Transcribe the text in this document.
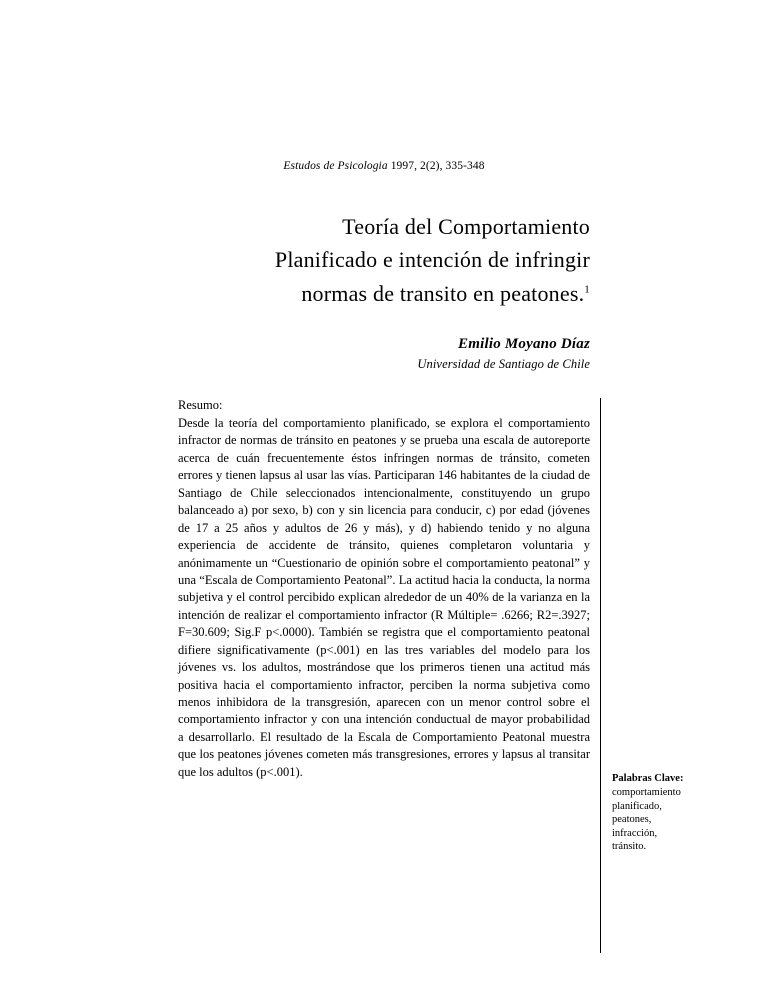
Estudos de Psicologia 1997, 2(2), 335-348
Teoría del Comportamiento
Planificado e intención de infringir
normas de transito en peatones.$^1$
Emilio Moyano Díaz
Universidad de Santiago de Chile
Resumo:

Desde la teoría del comportamiento planificado, se explora el comportamiento infractor de normas de tránsito en peatones y se prueba una escala de autoreporte acerca de cuán frecuentemente éstos infringen normas de tránsito, cometen errores y tienen lapsus al usar las vías. Participaran 146 habitantes de la ciudad de Santiago de Chile seleccionados intencionalmente, constituyendo un grupo balanceado a) por sexo, b) con y sin licencia para conducir, c) por edad (jóvenes de 17 a 25 años y adultos de 26 y más), y d) habiendo tenido y no alguna experiencia de accidente de tránsito, quienes completaron voluntaria y anónimamente un “Cuestionario de opinión sobre el comportamiento peatonal” y una “Escala de Comportamiento Peatonal”. La actitud hacia la conducta, la norma subjetiva y el control percibido explican alrededor de un 40% de la varianza en la intención de realizar el comportamiento infractor (R Múltiple= .6266; R2=.3927; F=30.609; Sig.F p<.0000). También se registra que el comportamiento peatonal difiere significativamente (p<.001) en las tres variables del modelo para los jóvenes vs. los adultos, mostrándose que los primeros tienen una actitud más positiva hacia el comportamiento infractor, perciben la norma subjetiva como menos inhibidora de la transgresión, aparecen con un menor control sobre el comportamiento infractor y con una intención conductual de mayor probabilidad a desarrollarlo. El resultado de la Escala de Comportamiento Peatonal muestra que los peatones jóvenes cometen más transgresiones, errores y lapsus al transitar que los adultos (p<.001).	Palabras Clave:
comportamiento
planificado,
peatones,
infracción,
tránsito.
